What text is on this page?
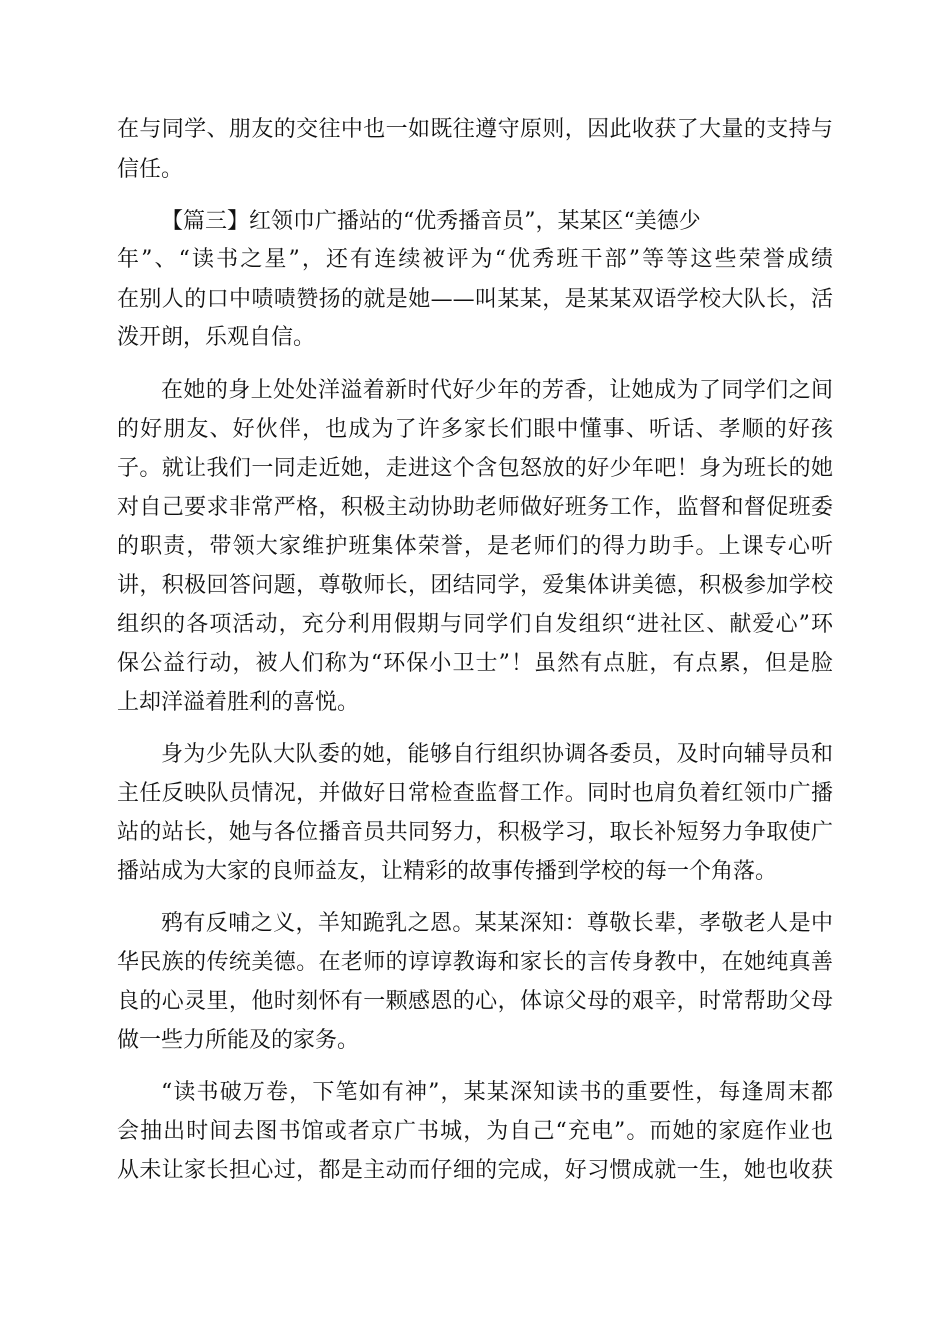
在与同学、朋友的交往中也一如既往遵守原则，因此收获了大量的支持与
信任。
【篇三】红领巾广播站的“优秀播音员”，某某区“美德少
年”、“读书之星”，还有连续被评为“优秀班干部”等等这些荣誉成绩
在别人的口中啧啧赞扬的就是她——叫某某，是某某双语学校大队长，活
泼开朗，乐观自信。
在她的身上处处洋溢着新时代好少年的芳香，让她成为了同学们之间
的好朋友、好伙伴，也成为了许多家长们眼中懂事、听话、孝顺的好孩
子。就让我们一同走近她，走进这个含包怒放的好少年吧！身为班长的她
对自己要求非常严格，积极主动协助老师做好班务工作，监督和督促班委
的职责，带领大家维护班集体荣誉，是老师们的得力助手。上课专心听
讲，积极回答问题，尊敬师长，团结同学，爱集体讲美德，积极参加学校
组织的各项活动，充分利用假期与同学们自发组织“进社区、献爱心”环
保公益行动，被人们称为“环保小卫士”！虽然有点脏，有点累，但是脸
上却洋溢着胜利的喜悦。
身为少先队大队委的她，能够自行组织协调各委员，及时向辅导员和
主任反映队员情况，并做好日常检查监督工作。同时也肩负着红领巾广播
站的站长，她与各位播音员共同努力，积极学习，取长补短努力争取使广
播站成为大家的良师益友，让精彩的故事传播到学校的每一个角落。
鸦有反哺之义，羊知跪乳之恩。某某深知：尊敬长辈，孝敬老人是中
华民族的传统美德。在老师的谆谆教诲和家长的言传身教中，在她纯真善
良的心灵里，他时刻怀有一颗感恩的心，体谅父母的艰辛，时常帮助父母
做一些力所能及的家务。
“读书破万卷，下笔如有神”，某某深知读书的重要性，每逢周末都
会抽出时间去图书馆或者京广书城，为自己“充电”。而她的家庭作业也
从未让家长担心过，都是主动而仔细的完成，好习惯成就一生，她也收获
